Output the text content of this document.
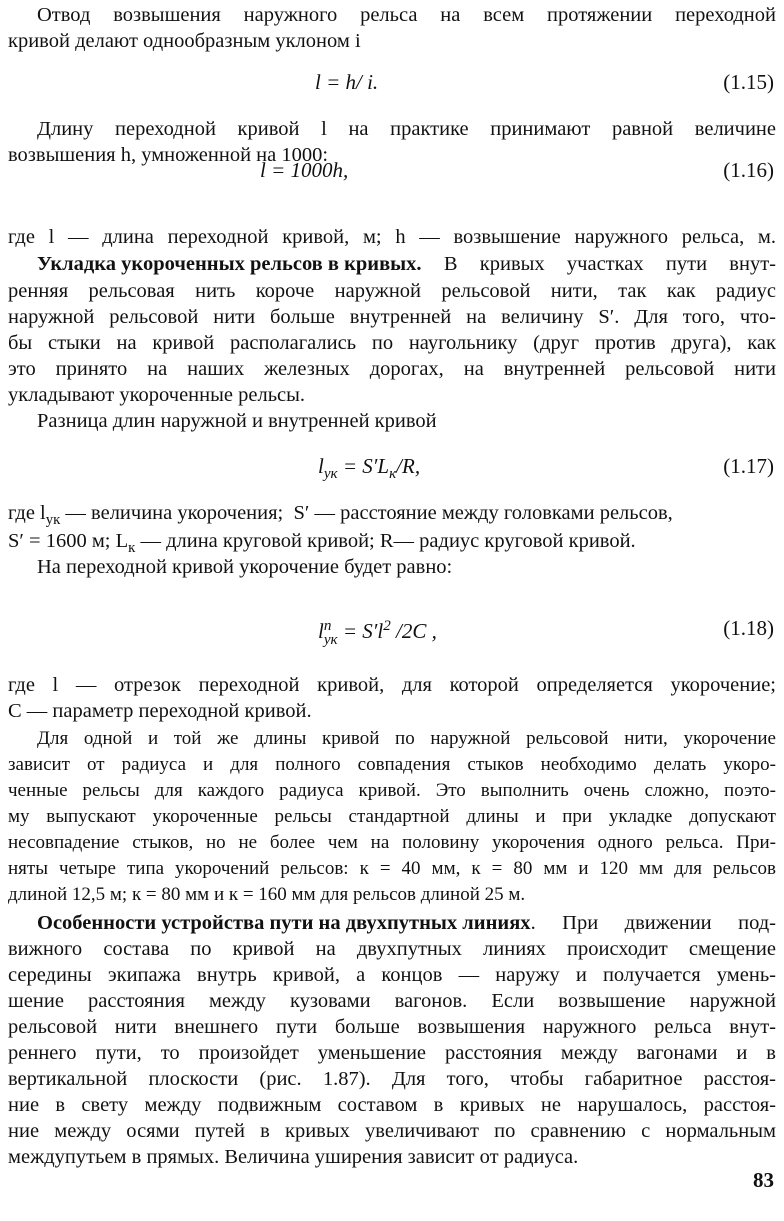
Отвод возвышения наружного рельса на всем протяжении переходной
кривой делают однообразным уклоном i
l = h/ i.	(1.15)
Длину переходной кривой l на практике принимают равной величине
возвышения h, умноженной на 1000:
l = 1000h,	(1.16)
где l — длина переходной кривой, м; h — возвышение наружного рельса, м.
Укладка укороченных рельсов в кривых. В кривых участках пути внут-
ренняя рельсовая нить короче наружной рельсовой нити, так как радиус
наружной рельсовой нити больше внутренней на величину S′. Для того, что-
бы стыки на кривой располагались по наугольнику (друг против друга), как
это принято на наших железных дорогах, на внутренней рельсовой нити
укладывают укороченные рельсы.
Разница длин наружной и внутренней кривой
$l_{ук} = S'L_к/R$,	(1.17)
где $l_{ук}$ — величина укорочения;  S′ — расстояние между головками рельсов,
S′ = 1600 м; $L_к$ — длина круговой кривой; R— радиус круговой кривой.
На переходной кривой укорочение будет равно:
l п
ук = $S'l^2$ /2C ,	(1.18)
где l — отрезок переходной кривой, для которой определяется укорочение;
C — параметр переходной кривой.
Для одной и той же длины кривой по наружной рельсовой нити, укорочение
зависит от радиуса и для полного совпадения стыков необходимо делать укоро-
ченные рельсы для каждого радиуса кривой. Это выполнить очень сложно, поэто-
му выпускают укороченные рельсы стандартной длины и при укладке допускают
несовпадение стыков, но не более чем на половину укорочения одного рельса. При-
няты четыре типа укорочений рельсов: к = 40 мм, к = 80 мм и 120 мм для рельсов
длиной 12,5 м; к = 80 мм и к = 160 мм для рельсов длиной 25 м.
Особенности устройства пути на двухпутных линиях . При движении под-
вижного состава по кривой на двухпутных линиях происходит смещение
середины экипажа внутрь кривой, а концов — наружу и получается умень-
шение расстояния между кузовами вагонов. Если возвышение наружной
рельсовой нити внешнего пути больше возвышения наружного рельса внут-
реннего пути, то произойдет уменьшение расстояния между вагонами и в
вертикальной плоскости (рис. 1.87). Для того, чтобы габаритное расстоя-
ние в свету между подвижным составом в кривых не нарушалось, расстоя-
ние между осями путей в кривых увеличивают по сравнению с нормальным
междупутьем в прямых. Величина уширения зависит от радиуса.
83
